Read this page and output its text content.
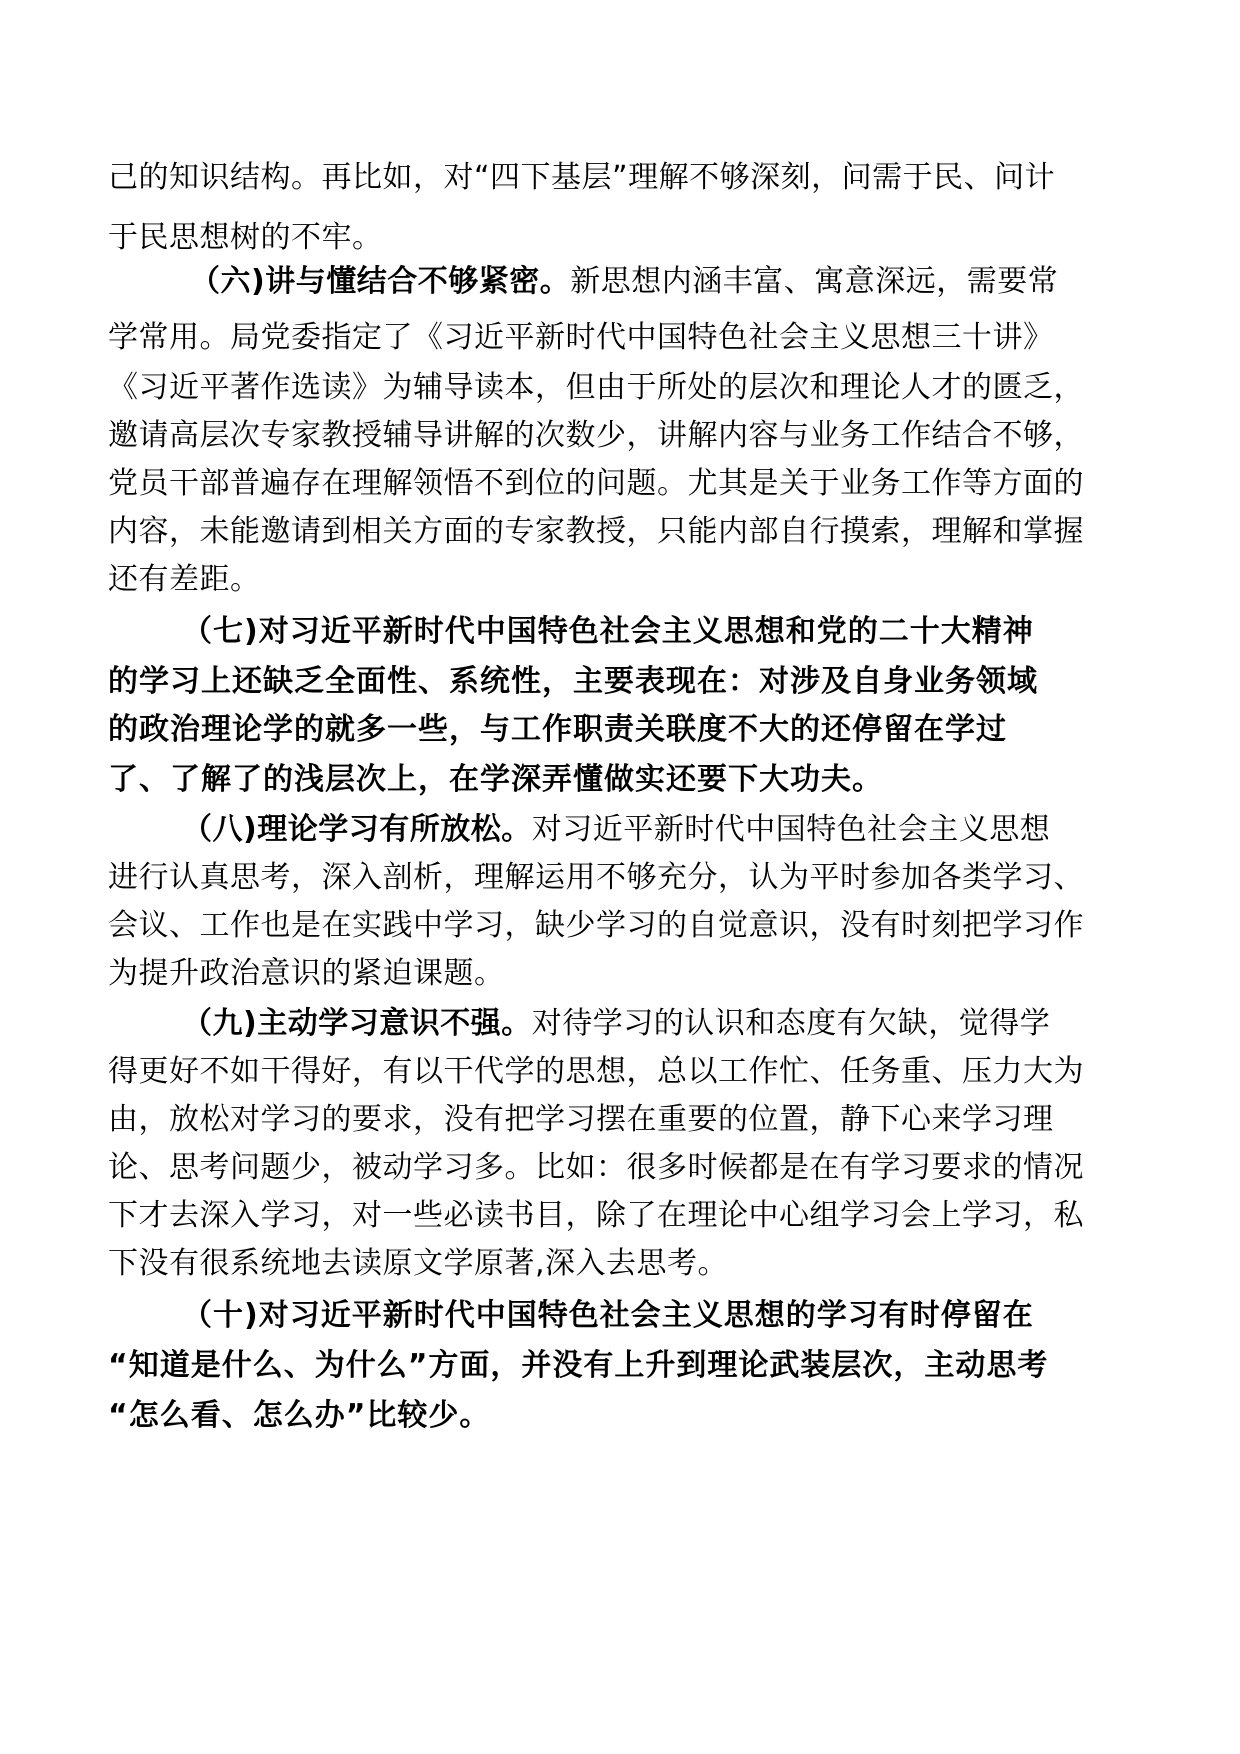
己的知识结构。再比如，对“四下基层”理解不够深刻，问需于民、问计
于民思想树的不牢。
（六)讲与懂结合不够紧密。新思想内涵丰富、寓意深远，需要常
学常用。局党委指定了《习近平新时代中国特色社会主义思想三十讲》
《习近平著作选读》为辅导读本，但由于所处的层次和理论人才的匮乏，
邀请高层次专家教授辅导讲解的次数少，讲解内容与业务工作结合不够，
党员干部普遍存在理解领悟不到位的问题。尤其是关于业务工作等方面的
内容，未能邀请到相关方面的专家教授，只能内部自行摸索，理解和掌握
还有差距。
（七)对习近平新时代中国特色社会主义思想和党的二十大精神
的学习上还缺乏全面性、系统性，主要表现在：对涉及自身业务领域
的政治理论学的就多一些，与工作职责关联度不大的还停留在学过
了、了解了的浅层次上，在学深弄懂做实还要下大功夫。
（八)理论学习有所放松。对习近平新时代中国特色社会主义思想
进行认真思考，深入剖析，理解运用不够充分，认为平时参加各类学习、
会议、工作也是在实践中学习，缺少学习的自觉意识，没有时刻把学习作
为提升政治意识的紧迫课题。
（九)主动学习意识不强。对待学习的认识和态度有欠缺，觉得学
得更好不如干得好，有以干代学的思想，总以工作忙、任务重、压力大为
由，放松对学习的要求，没有把学习摆在重要的位置，静下心来学习理
论、思考问题少，被动学习多。比如：很多时候都是在有学习要求的情况
下才去深入学习，对一些必读书目，除了在理论中心组学习会上学习，私
下没有很系统地去读原文学原著,深入去思考。
（十)对习近平新时代中国特色社会主义思想的学习有时停留在
“知道是什么、为什么”方面，并没有上升到理论武装层次，主动思考
“怎么看、怎么办”比较少。
